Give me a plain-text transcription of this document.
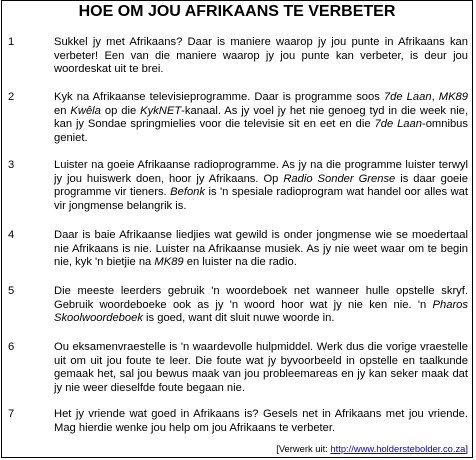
HOE OM JOU AFRIKAANS TE VERBETER
1	Sukkel jy met Afrikaans? Daar is maniere waarop jy jou punte in Afrikaans kan verbeter! Een van die maniere waarop jy jou punte kan verbeter, is deur jou woordeskat uit te brei.

2	Kyk na Afrikaanse televisieprogramme. Daar is programme soos 7de Laan, MK89 en Kwêla op die KykNET-kanaal. As jy voel jy het nie genoeg tyd in die week nie, kan jy Sondae springmielies voor die televisie sit en eet en die 7de Laan-omnibus geniet.

3	Luister na goeie Afrikaanse radioprogramme. As jy na die programme luister terwyl jy jou huiswerk doen, hoor jy Afrikaans. Op Radio Sonder Grense is daar goeie programme vir tieners. Befonk is 'n spesiale radioprogram wat handel oor alles wat vir jongmense belangrik is.

4	Daar is baie Afrikaanse liedjies wat gewild is onder jongmense wie se moedertaal nie Afrikaans is nie. Luister na Afrikaanse musiek. As jy nie weet waar om te begin nie, kyk 'n bietjie na MK89 en luister na die radio.

5	Die meeste leerders gebruik 'n woordeboek net wanneer hulle opstelle skryf. Gebruik woordeboeke ook as jy 'n woord hoor wat jy nie ken nie. 'n Pharos Skoolwoordeboek is goed, want dit sluit nuwe woorde in.

6	Ou eksamenvraestelle is 'n waardevolle hulpmiddel. Werk dus die vorige vraestelle uit om uit jou foute te leer. Die foute wat jy byvoorbeeld in opstelle en taalkunde gemaak het, sal jou bewus maak van jou probleemareas en jy kan seker maak dat jy nie weer dieselfde foute begaan nie.

7	Het jy vriende wat goed in Afrikaans is? Gesels net in Afrikaans met jou vriende. Mag hierdie wenke jou help om jou Afrikaans te verbeter.

[Verwerk uit: http://www.holderstebolder.co.za]
